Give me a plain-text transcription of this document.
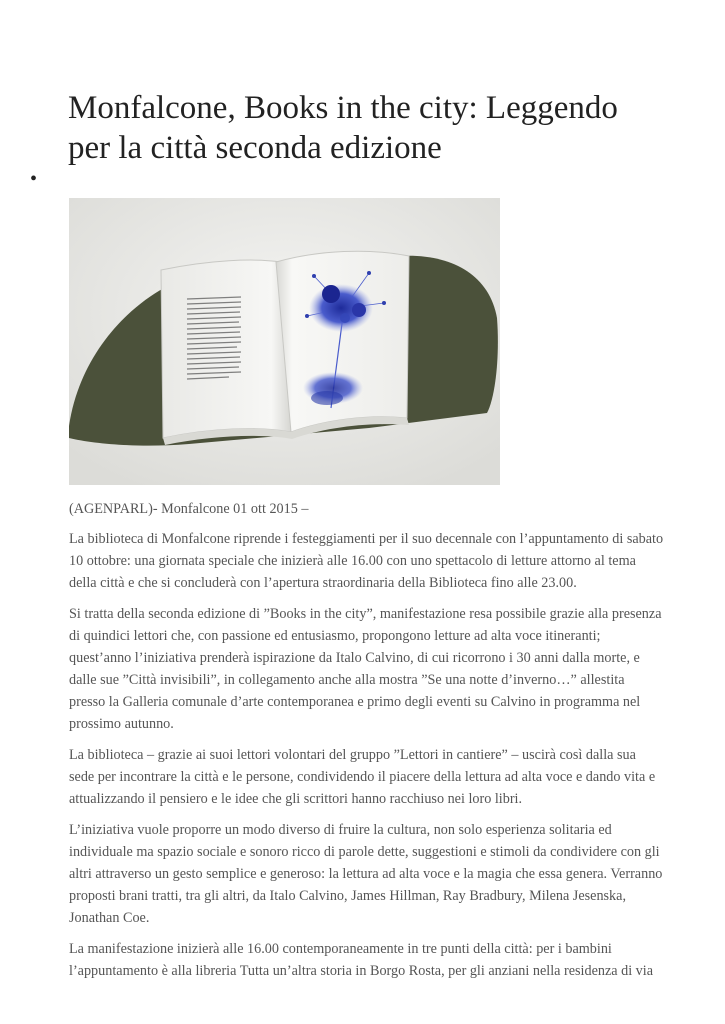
Monfalcone, Books in the city: Leggendo per la città seconda edizione
•

(AGENPARL)- Monfalcone 01 ott 2015 –

La biblioteca di Monfalcone riprende i festeggiamenti per il suo decennale con l’appuntamento di sabato 10 ottobre: una giornata speciale che inizierà alle 16.00 con uno spettacolo di letture attorno al tema della città e che si concluderà con l’apertura straordinaria della Biblioteca fino alle 23.00.

Si tratta della seconda edizione di ”Books in the city”, manifestazione resa possibile grazie alla presenza di quindici lettori che, con passione ed entusiasmo, propongono letture ad alta voce itineranti; quest’anno l’iniziativa prenderà ispirazione da Italo Calvino, di cui ricorrono i 30 anni dalla morte, e dalle sue ”Città invisibili”, in collegamento anche alla mostra ”Se una notte d’inverno…” allestita presso la Galleria comunale d’arte contemporanea e primo degli eventi su Calvino in programma nel prossimo autunno.

La biblioteca – grazie ai suoi lettori volontari del gruppo ”Lettori in cantiere” – uscirà così dalla sua sede per incontrare la città e le persone, condividendo il piacere della lettura ad alta voce e dando vita e attualizzando il pensiero e le idee che gli scrittori hanno racchiuso nei loro libri.

L’iniziativa vuole proporre un modo diverso di fruire la cultura, non solo esperienza solitaria ed individuale ma spazio sociale e sonoro ricco di parole dette, suggestioni e stimoli da condividere con gli altri attraverso un gesto semplice e generoso: la lettura ad alta voce e la magia che essa genera. Verranno proposti brani tratti, tra gli altri, da Italo Calvino, James Hillman, Ray Bradbury, Milena Jesenska, Jonathan Coe.

La manifestazione inizierà alle 16.00 contemporaneamente in tre punti della città: per i bambini l’appuntamento è alla libreria Tutta un’altra storia in Borgo Rosta, per gli anziani nella residenza di via
